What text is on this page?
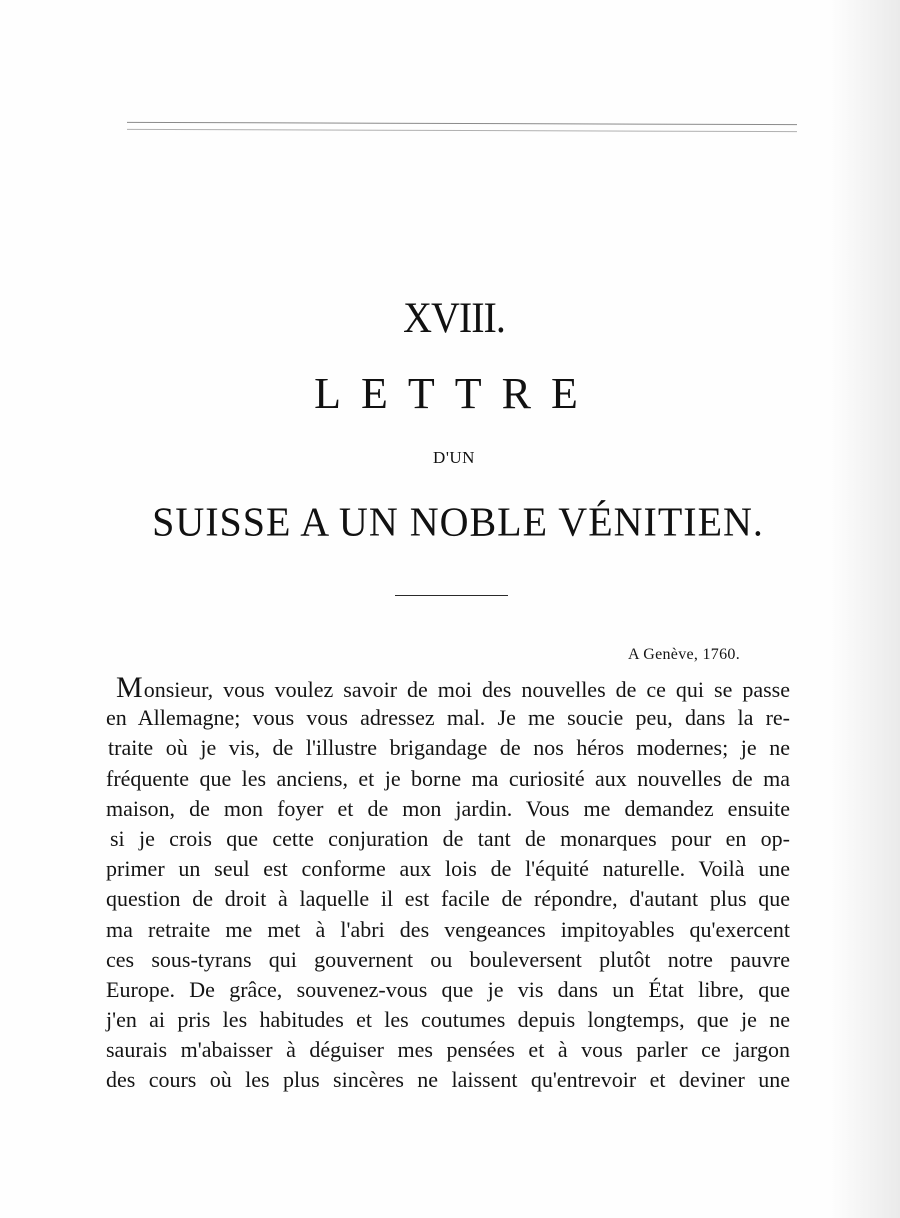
XVIII.
LETTRE
D'UN
SUISSE A UN NOBLE VÉNITIEN.
A Genève, 1760.
Monsieur, vous voulez savoir de moi des nouvelles de ce qui se passe
en Allemagne; vous vous adressez mal. Je me soucie peu, dans la re-
traite où je vis, de l'illustre brigandage de nos héros modernes; je ne
fréquente que les anciens, et je borne ma curiosité aux nouvelles de ma
maison, de mon foyer et de mon jardin. Vous me demandez ensuite
si je crois que cette conjuration de tant de monarques pour en op-
primer un seul est conforme aux lois de l'équité naturelle. Voilà une
question de droit à laquelle il est facile de répondre, d'autant plus que
ma retraite me met à l'abri des vengeances impitoyables qu'exercent
ces sous-tyrans qui gouvernent ou bouleversent plutôt notre pauvre
Europe. De grâce, souvenez-vous que je vis dans un État libre, que
j'en ai pris les habitudes et les coutumes depuis longtemps, que je ne
saurais m'abaisser à déguiser mes pensées et à vous parler ce jargon
des cours où les plus sincères ne laissent qu'entrevoir et deviner une
